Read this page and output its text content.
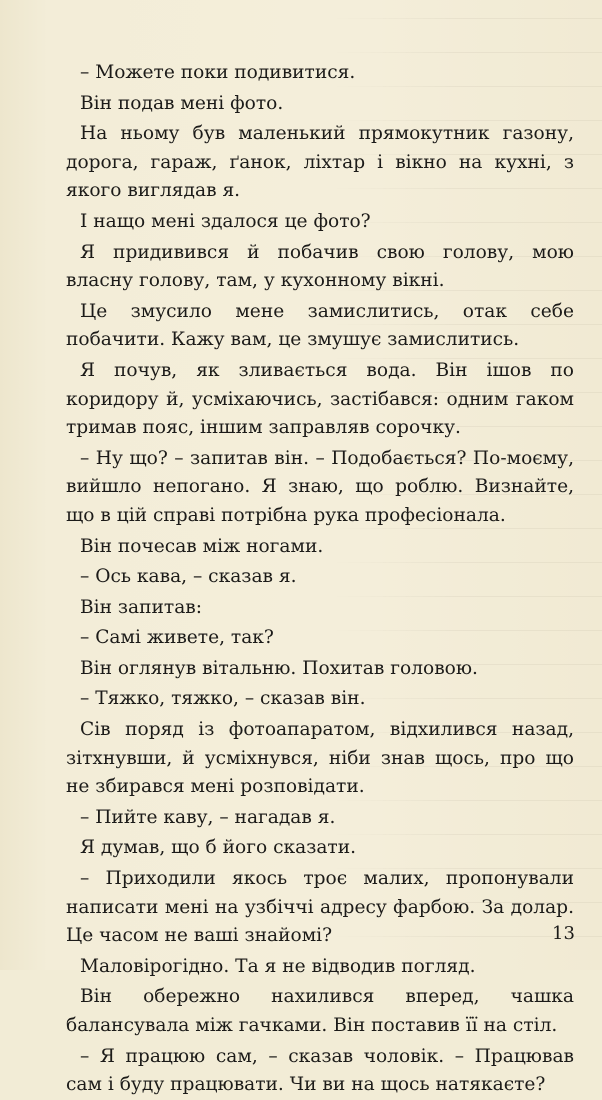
– Можете поки подивитися.

Він подав мені фото.

На ньому був маленький прямокутник газону, дорога, гараж, ґанок, ліхтар і вікно на кухні, з якого виглядав я.

І нащо мені здалося це фото?

Я придивився й побачив свою голову, мою власну голову, там, у кухонному вікні.

Це змусило мене замислитись, отак себе побачити. Кажу вам, це змушує замислитись.

Я почув, як зливається вода. Він ішов по коридору й, усміхаючись, застібався: одним гаком тримав пояс, іншим заправляв сорочку.

– Ну що? – запитав він. – Подобається? По-моєму, вийшло непогано. Я знаю, що роблю. Визнайте, що в цій справі потрібна рука професіонала.

Він почесав між ногами.

– Ось кава, – сказав я.

Він запитав:

– Самі живете, так?

Він оглянув вітальню. Похитав головою.

– Тяжко, тяжко, – сказав він.

Сів поряд із фотоапаратом, відхилився назад, зітхнувши, й усміхнувся, ніби знав щось, про що не збирався мені розповідати.

– Пийте каву, – нагадав я.

Я думав, що б його сказати.

– Приходили якось троє малих, пропонували написати мені на узбіччі адресу фарбою. За долар. Це часом не ваші знайомі?

Маловірогідно. Та я не відводив погляд.

Він обережно нахилився вперед, чашка балансувала між гачками. Він поставив її на стіл.

– Я працюю сам, – сказав чоловік. – Працював сам і буду працювати. Чи ви на щось натякаєте?

13
